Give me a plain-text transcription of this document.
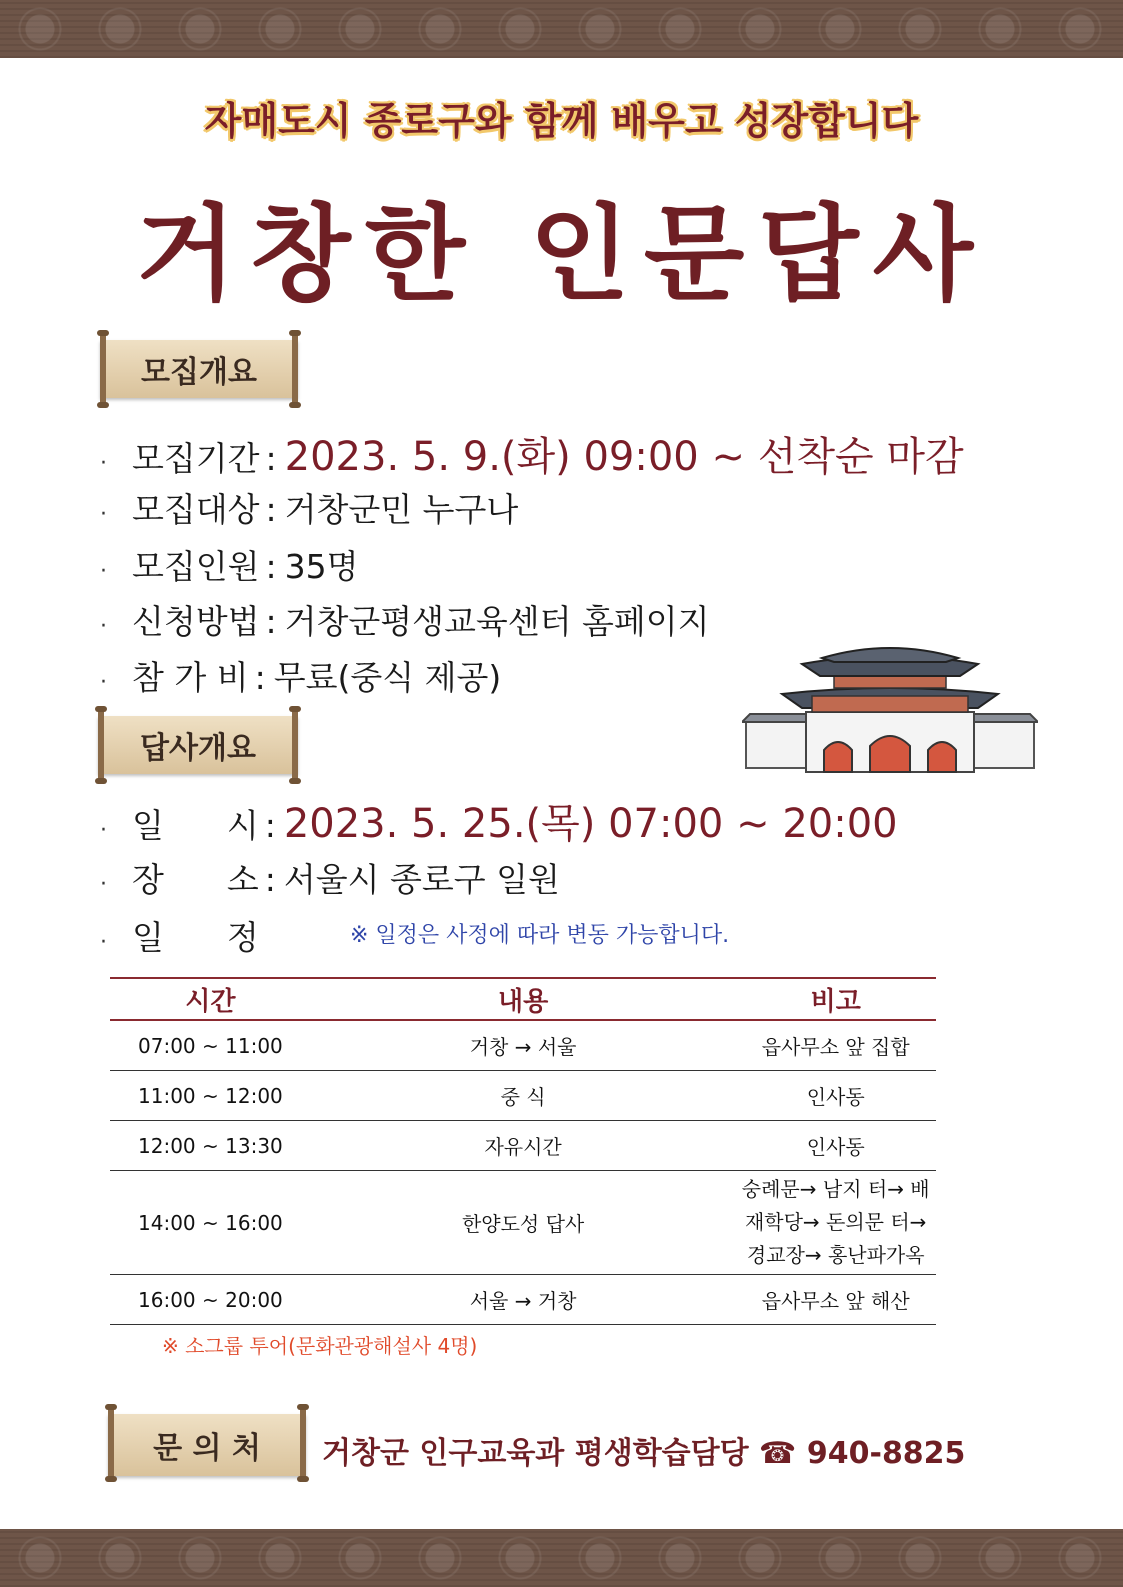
자매도시 종로구와 함께 배우고 성장합니다
거창한 인문답사
모집개요
· 모집기간 : 2023. 5. 9.(화) 09:00 ~ 선착순 마감
· 모집대상 : 거창군민 누구나
· 모집인원 : 35명
· 신청방법 : 거창군평생교육센터 홈페이지
· 참 가 비 : 무료(중식 제공)
답사개요
· 일      시 : 2023. 5. 25.(목) 07:00 ~ 20:00
· 장      소 : 서울시 종로구 일원
· 일      정	※ 일정은 사정에 따라 변동 가능합니다.
시간	내용	비고
07:00 ~ 11:00	거창 → 서울	읍사무소 앞 집합
11:00 ~ 12:00	중 식	인사동
12:00 ~ 13:30	자유시간	인사동
14:00 ~ 16:00	한양도성 답사	숭례문→ 남지 터→ 배재학당→ 돈의문 터→ 경교장→ 홍난파가옥
16:00 ~ 20:00	서울 → 거창	읍사무소 앞 해산
※ 소그룹 투어(문화관광해설사 4명)
문 의 처 거창군 인구교육과 평생학습담당 ☎ 940-8825
